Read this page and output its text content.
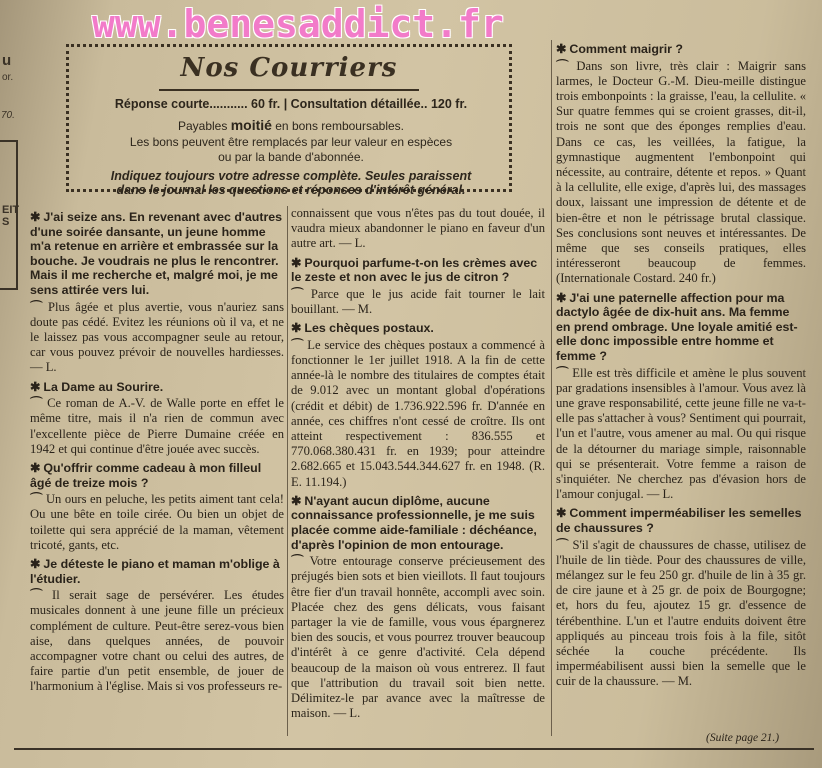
www.benesaddict.fr
u
or.
70.
EIT
S
Nos Courriers
Réponse courte........... 60 fr. | Consultation détaillée.. 120 fr.
Payables moitié en bons remboursables.
Les bons peuvent être remplacés par leur valeur en espèces
ou par la bande d'abonnée.
Indiquez toujours votre adresse complète. Seules paraissent
dans le journal les questions et réponses d'intérêt général.
✱ J'ai seize ans. En revenant avec d'autres d'une soirée dansante, un jeune homme m'a retenue en arrière et embrassée sur la bouche. Je voudrais ne plus le rencontrer. Mais il me recherche et, malgré moi, je me sens attirée vers lui.
⌒ Plus âgée et plus avertie, vous n'auriez sans doute pas cédé. Evitez les réunions où il va, et ne le laissez pas vous accompagner seule au retour, car vous pouvez prévoir de nouvelles hardiesses. — L.
✱ La Dame au Sourire.
⌒ Ce roman de A.-V. de Walle porte en effet le même titre, mais il n'a rien de commun avec l'excellente pièce de Pierre Dumaine créée en 1942 et qui continue d'être jouée avec succès.
✱ Qu'offrir comme cadeau à mon filleul âgé de treize mois ?
⌒ Un ours en peluche, les petits aiment tant cela! Ou une bête en toile cirée. Ou bien un objet de toilette qui sera apprécié de la maman, vêtement tricoté, gants, etc.
✱ Je déteste le piano et maman m'oblige à l'étudier.
⌒ Il serait sage de persévérer. Les études musicales donnent à une jeune fille un précieux complément de culture. Peut-être serez-vous bien aise, dans quelques années, de pouvoir accompagner votre chant ou celui des autres, de faire partie d'un petit ensemble, de jouer de l'harmonium à l'église. Mais si vos professeurs re-
connaissent que vous n'êtes pas du tout douée, il vaudra mieux abandonner le piano en faveur d'un autre art. — L.
✱ Pourquoi parfume-t-on les crèmes avec le zeste et non avec le jus de citron ?
⌒ Parce que le jus acide fait tourner le lait bouillant. — M.
✱ Les chèques postaux.
⌒ Le service des chèques postaux a commencé à fonctionner le 1er juillet 1918. A la fin de cette année-là le nombre des titulaires de comptes était de 9.012 avec un montant global d'opérations (crédit et débit) de 1.736.922.596 fr. D'année en année, ces chiffres n'ont cessé de croître. Ils ont atteint respectivement : 836.555 et 770.068.380.431 fr. en 1939; pour atteindre 2.682.665 et 15.043.544.344.627 fr. en 1948. (R. E. 11.194.)
✱ N'ayant aucun diplôme, aucune connaissance professionnelle, je me suis placée comme aide-familiale : déchéance, d'après l'opinion de mon entourage.
⌒ Votre entourage conserve précieusement des préjugés bien sots et bien vieillots. Il faut toujours être fier d'un travail honnête, accompli avec soin. Placée chez des gens délicats, vous faisant partager la vie de famille, vous vous épargnerez bien des soucis, et vous pourrez trouver beaucoup d'intérêt à ce genre d'activité. Cela dépend beaucoup de la maison où vous entrerez. Il faut que l'attribution du travail soit bien nette. Délimitez-le par avance avec la maîtresse de maison. — L.
✱ Comment maigrir ?
⌒ Dans son livre, très clair : Maigrir sans larmes, le Docteur G.-M. Dieu-meille distingue trois embonpoints : la graisse, l'eau, la cellulite. « Sur quatre femmes qui se croient grasses, dit-il, trois ne sont que des éponges remplies d'eau. Dans ce cas, les veillées, la fatigue, la gymnastique augmentent l'embonpoint qui nécessite, au contraire, détente et repos. » Quant à la cellulite, elle exige, d'après lui, des massages doux, laissant une impression de détente et de bien-être et non le pétrissage brutal classique. Ses conclusions sont neuves et intéressantes. De même que ses conseils pratiques, elles intéresseront beaucoup de femmes. (Internationale Costard. 240 fr.)
✱ J'ai une paternelle affection pour ma dactylo âgée de dix-huit ans. Ma femme en prend ombrage. Une loyale amitié est-elle donc impossible entre homme et femme ?
⌒ Elle est très difficile et amène le plus souvent par gradations insensibles à l'amour. Vous avez là une grave responsabilité, cette jeune fille ne va-t-elle pas s'attacher à vous? Sentiment qui pourrait, l'un et l'autre, vous amener au mal. Ou qui risque de la détourner du mariage simple, raisonnable qui se présenterait. Votre femme a raison de s'inquiéter. Ne cherchez pas d'évasion hors de l'amour conjugal. — L.
✱ Comment imperméabiliser les semelles de chaussures ?
⌒ S'il s'agit de chaussures de chasse, utilisez de l'huile de lin tiède. Pour des chaussures de ville, mélangez sur le feu 250 gr. d'huile de lin à 35 gr. de cire jaune et à 25 gr. de poix de Bourgogne; et, hors du feu, ajoutez 15 gr. d'essence de térébenthine. L'un et l'autre enduits doivent être appliqués au pinceau trois fois à la file, sitôt séchée la couche précédente. Ils imperméabilisent aussi bien la semelle que le cuir de la chaussure. — M.
(Suite page 21.)
